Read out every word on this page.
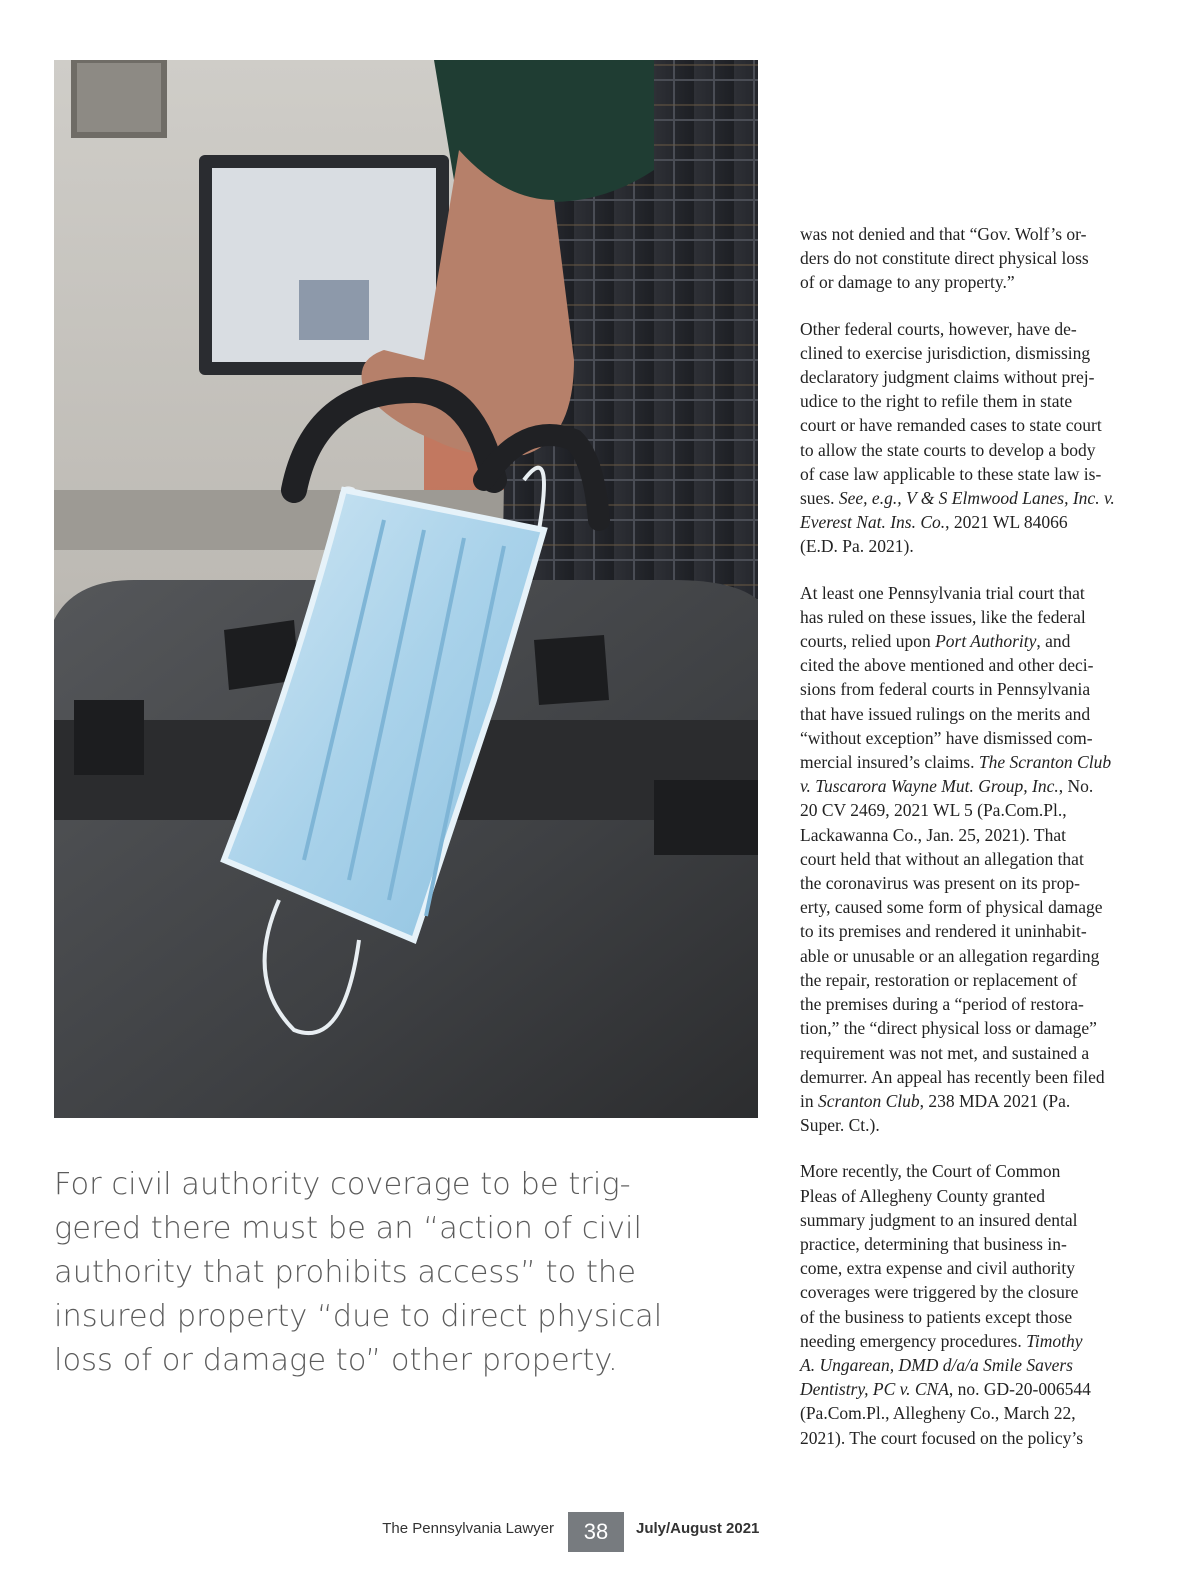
For civil authority coverage to be trig-
gered there must be an “action of civil
authority that prohibits access” to the
insured property “due to direct physical
loss of or damage to” other property.

was not denied and that “Gov. Wolf’s or-
ders do not constitute direct physical loss
of or damage to any property.”

Other federal courts, however, have de-
clined to exercise jurisdiction, dismissing
declaratory judgment claims without prej-
udice to the right to refile them in state
court or have remanded cases to state court
to allow the state courts to develop a body
of case law applicable to these state law is-
sues. See, e.g., V & S Elmwood Lanes, Inc. v.
Everest Nat. Ins. Co., 2021 WL 84066
(E.D. Pa. 2021).

At least one Pennsylvania trial court that
has ruled on these issues, like the federal
courts, relied upon Port Authority, and
cited the above mentioned and other deci-
sions from federal courts in Pennsylvania
that have issued rulings on the merits and
“without exception” have dismissed com-
mercial insured’s claims. The Scranton Club
v. Tuscarora Wayne Mut. Group, Inc., No.
20 CV 2469, 2021 WL 5 (Pa.Com.Pl.,
Lackawanna Co., Jan. 25, 2021). That
court held that without an allegation that
the coronavirus was present on its prop-
erty, caused some form of physical damage
to its premises and rendered it uninhabit-
able or unusable or an allegation regarding
the repair, restoration or replacement of
the premises during a “period of restora-
tion,” the “direct physical loss or damage”
requirement was not met, and sustained a
demurrer. An appeal has recently been filed
in Scranton Club, 238 MDA 2021 (Pa.
Super. Ct.).

More recently, the Court of Common
Pleas of Allegheny County granted
summary judgment to an insured dental
practice, determining that business in-
come, extra expense and civil authority
coverages were triggered by the closure
of the business to patients except those
needing emergency procedures. Timothy
A. Ungarean, DMD d/a/a Smile Savers
Dentistry, PC v. CNA, no. GD-20-006544
(Pa.Com.Pl., Allegheny Co., March 22,
2021). The court focused on the policy’s

The Pennsylvania Lawyer	38	July/August 2021
